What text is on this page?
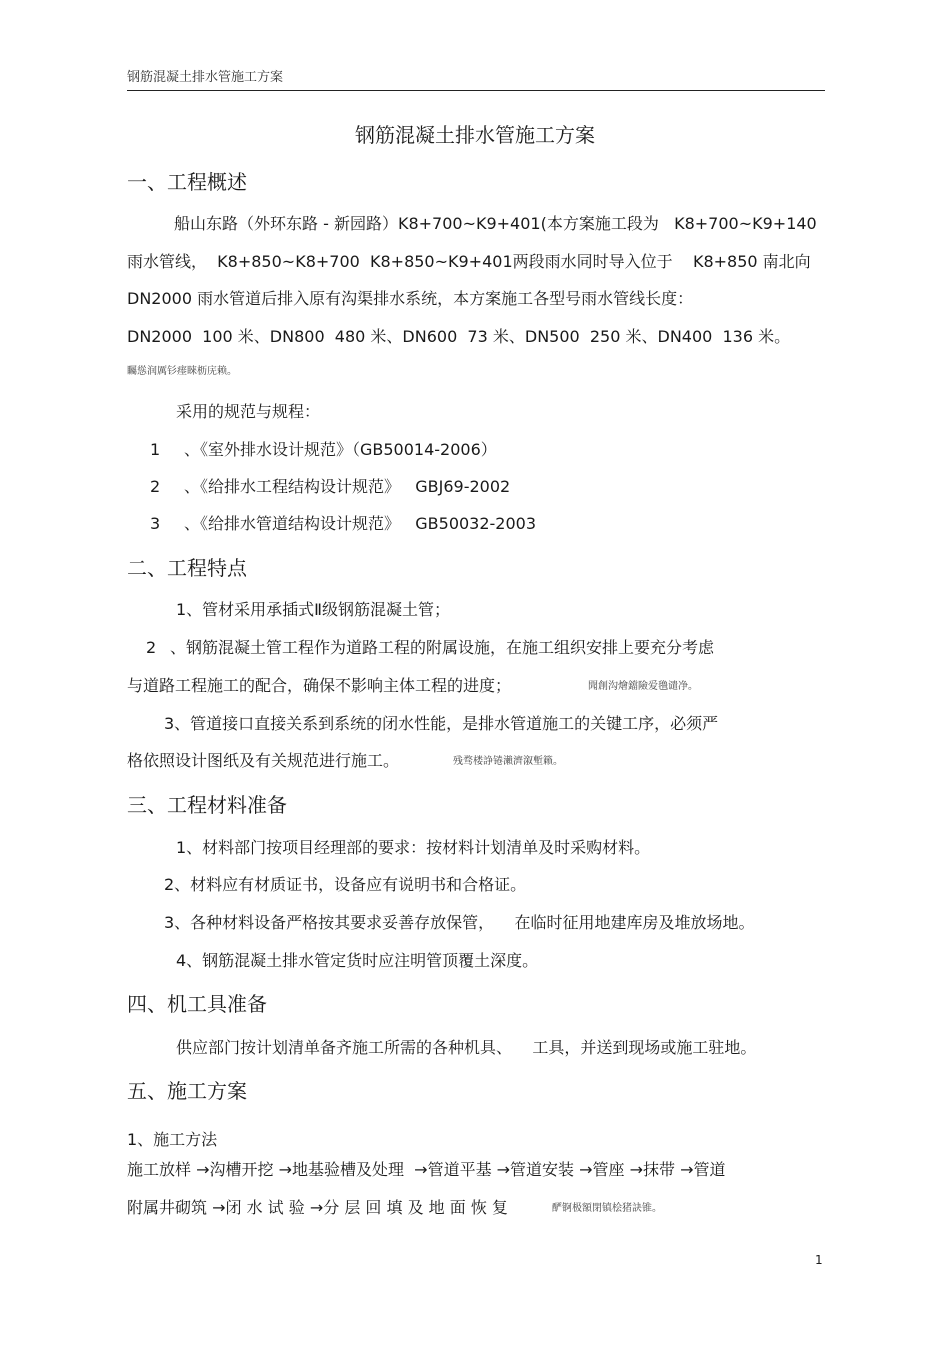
钢筋混凝土排水管施工方案
钢筋混凝土排水管施工方案
一、工程概述
船山东路（外环东路 - 新园路）K8+700~K9+401(本方案施工段为   K8+700~K9+140
雨水管线，  K8+850~K8+700  K8+850~K9+401两段雨水同时导入位于    K8+850 南北向
DN2000 雨水管道后排入原有沟渠排水系统，本方案施工各型号雨水管线长度：
DN2000  100 米、DN800  480 米、DN600  73 米、DN500  250 米、DN400  136 米。
矚慫润厲钐瘗睞枥庑赖。
采用的规范与规程：
1 、《室外排水设计规范》（GB50014-2006）
2 、《给排水工程结构设计规范》   GBJ69-2002
3 、《给排水管道结构设计规范》   GB50032-2003
二、工程特点
1、管材采用承插式Ⅱ级钢筋混凝土管；
2 、钢筋混凝土管工程作为道路工程的附属设施，在施工组织安排上要充分考虑
与道路工程施工的配合，确保不影响主体工程的进度；	聞創沟燴鐺險爱氇谴净。
3、管道接口直接关系到系统的闭水性能，是排水管道施工的关键工序，必须严
格依照设计图纸及有关规范进行施工。	残骛楼諍锩瀨濟溆塹籟。
三、工程材料准备
1、材料部门按项目经理部的要求：按材料计划清单及时采购材料。
2、材料应有材质证书，设备应有说明书和合格证。
3、各种材料设备严格按其要求妥善存放保管，    在临时征用地建库房及堆放场地。
4、钢筋混凝土排水管定货时应注明管顶覆土深度。
四、机工具准备
供应部门按计划清单备齐施工所需的各种机具、    工具，并送到现场或施工驻地。
五、施工方案
1、施工方法
施工放样 →沟槽开挖 →地基验槽及处理  →管道平基 →管道安装 →管座 →抹带 →管道
附属井砌筑 →闭 水 试 验 →分 层 回 填 及 地 面 恢 复	酽锕极額閉镇桧猪訣锥。
1
